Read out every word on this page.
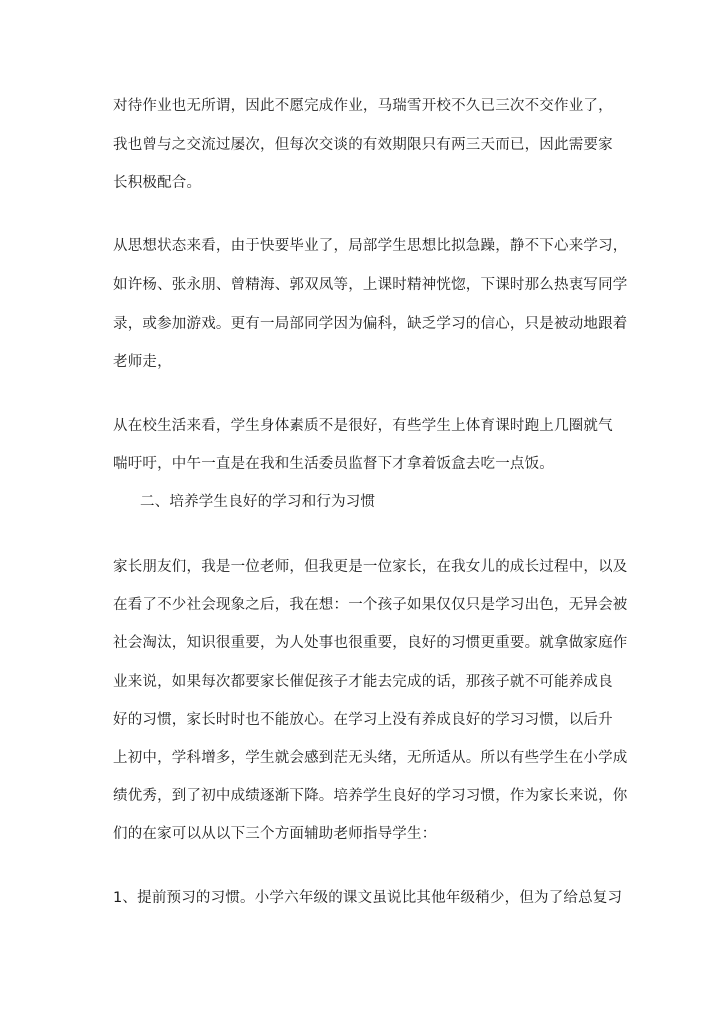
对待作业也无所谓，因此不愿完成作业，马瑞雪开校不久已三次不交作业了，
我也曾与之交流过屡次，但每次交谈的有效期限只有两三天而已，因此需要家
长积极配合。
从思想状态来看，由于快要毕业了，局部学生思想比拟急躁，静不下心来学习，
如许杨、张永朋、曾精海、郭双凤等，上课时精神恍惚，下课时那么热衷写同学
录，或参加游戏。更有一局部同学因为偏科，缺乏学习的信心，只是被动地跟着
老师走，
从在校生活来看，学生身体素质不是很好，有些学生上体育课时跑上几圈就气
喘吁吁，中午一直是在我和生活委员监督下才拿着饭盒去吃一点饭。
二、培养学生良好的学习和行为习惯
家长朋友们，我是一位老师，但我更是一位家长，在我女儿的成长过程中，以及
在看了不少社会现象之后，我在想：一个孩子如果仅仅只是学习出色，无异会被
社会淘汰，知识很重要，为人处事也很重要，良好的习惯更重要。就拿做家庭作
业来说，如果每次都要家长催促孩子才能去完成的话，那孩子就不可能养成良
好的习惯，家长时时也不能放心。在学习上没有养成良好的学习习惯，以后升
上初中，学科增多，学生就会感到茫无头绪，无所适从。所以有些学生在小学成
绩优秀，到了初中成绩逐渐下降。培养学生良好的学习习惯，作为家长来说，你
们的在家可以从以下三个方面辅助老师指导学生：
1、提前预习的习惯。小学六年级的课文虽说比其他年级稍少，但为了给总复习
